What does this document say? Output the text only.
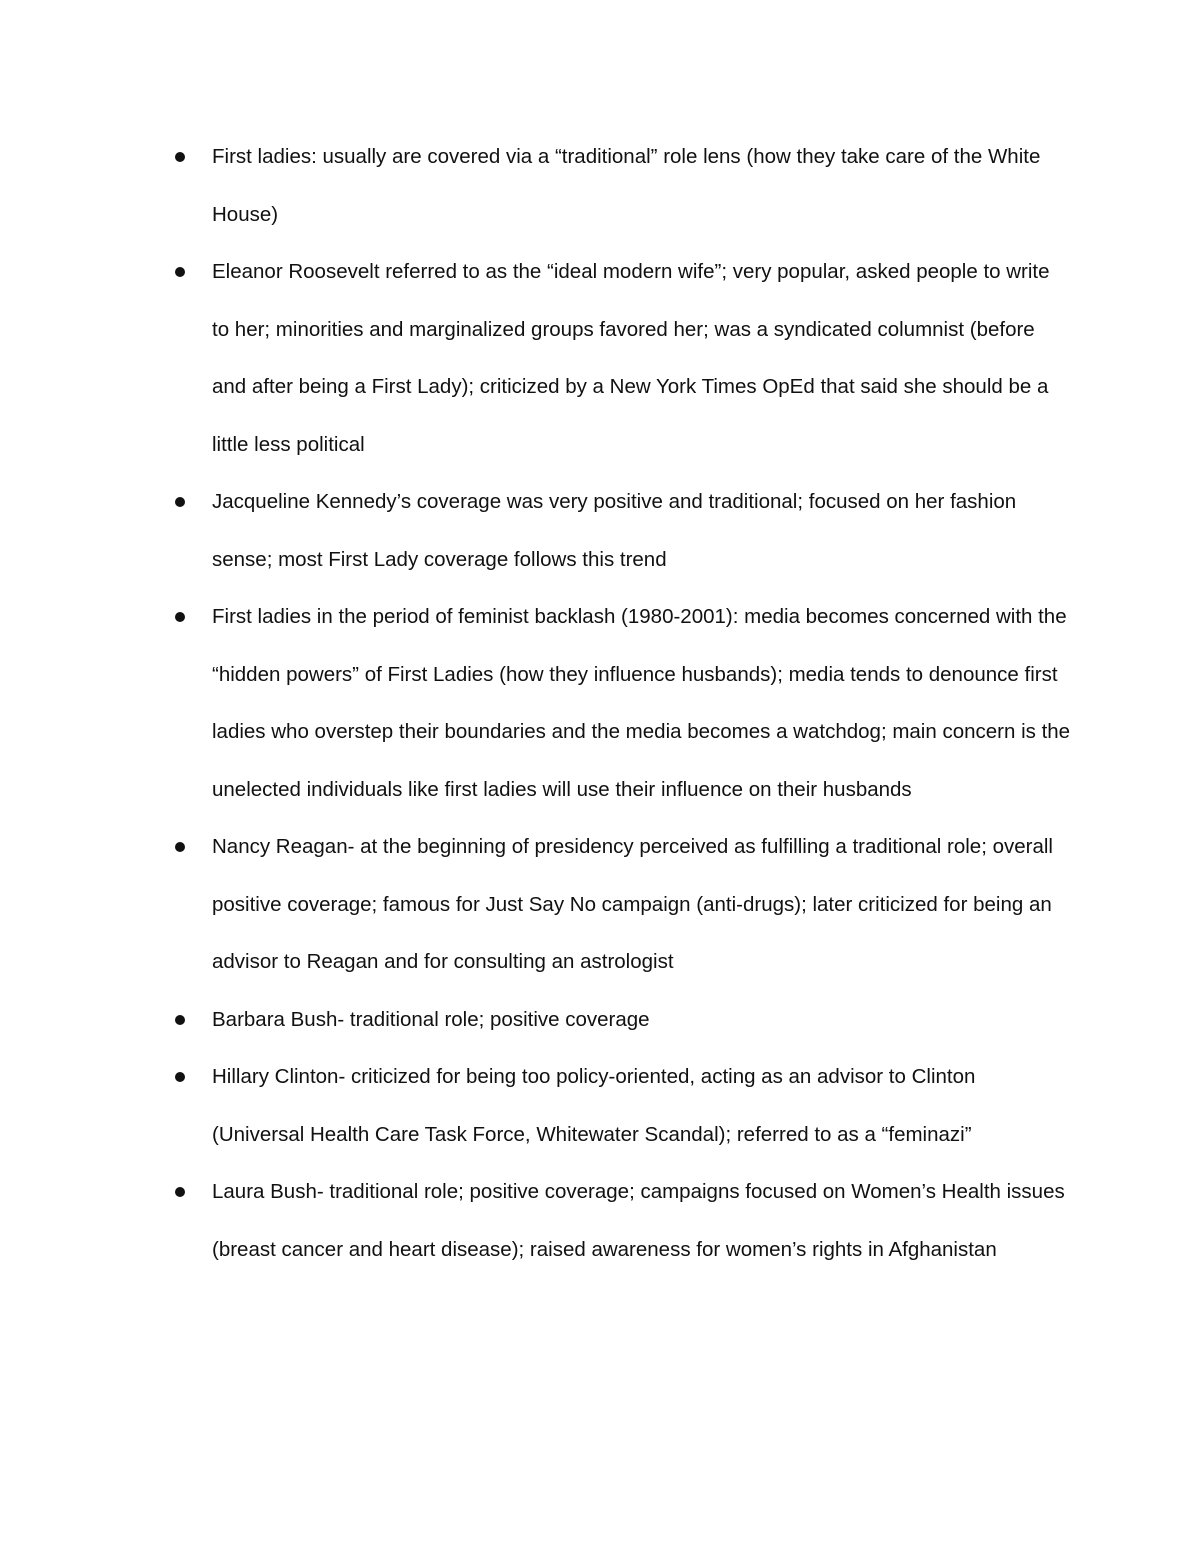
First ladies: usually are covered via a “traditional” role lens (how they take care of the White House)
Eleanor Roosevelt referred to as the “ideal modern wife”; very popular, asked people to write to her; minorities and marginalized groups favored her; was a syndicated columnist (before and after being a First Lady); criticized by a New York Times OpEd that said she should be a little less political
Jacqueline Kennedy’s coverage was very positive and traditional; focused on her fashion sense; most First Lady coverage follows this trend
First ladies in the period of feminist backlash (1980-2001): media becomes concerned with the “hidden powers” of First Ladies (how they influence husbands); media tends to denounce first ladies who overstep their boundaries and the media becomes a watchdog; main concern is the unelected individuals like first ladies will use their influence on their husbands
Nancy Reagan- at the beginning of presidency perceived as fulfilling a traditional role; overall positive coverage; famous for Just Say No campaign (anti-drugs); later criticized for being an advisor to Reagan and for consulting an astrologist
Barbara Bush- traditional role; positive coverage
Hillary Clinton- criticized for being too policy-oriented, acting as an advisor to Clinton (Universal Health Care Task Force, Whitewater Scandal); referred to as a “feminazi”
Laura Bush- traditional role; positive coverage; campaigns focused on Women’s Health issues (breast cancer and heart disease); raised awareness for women’s rights in Afghanistan
